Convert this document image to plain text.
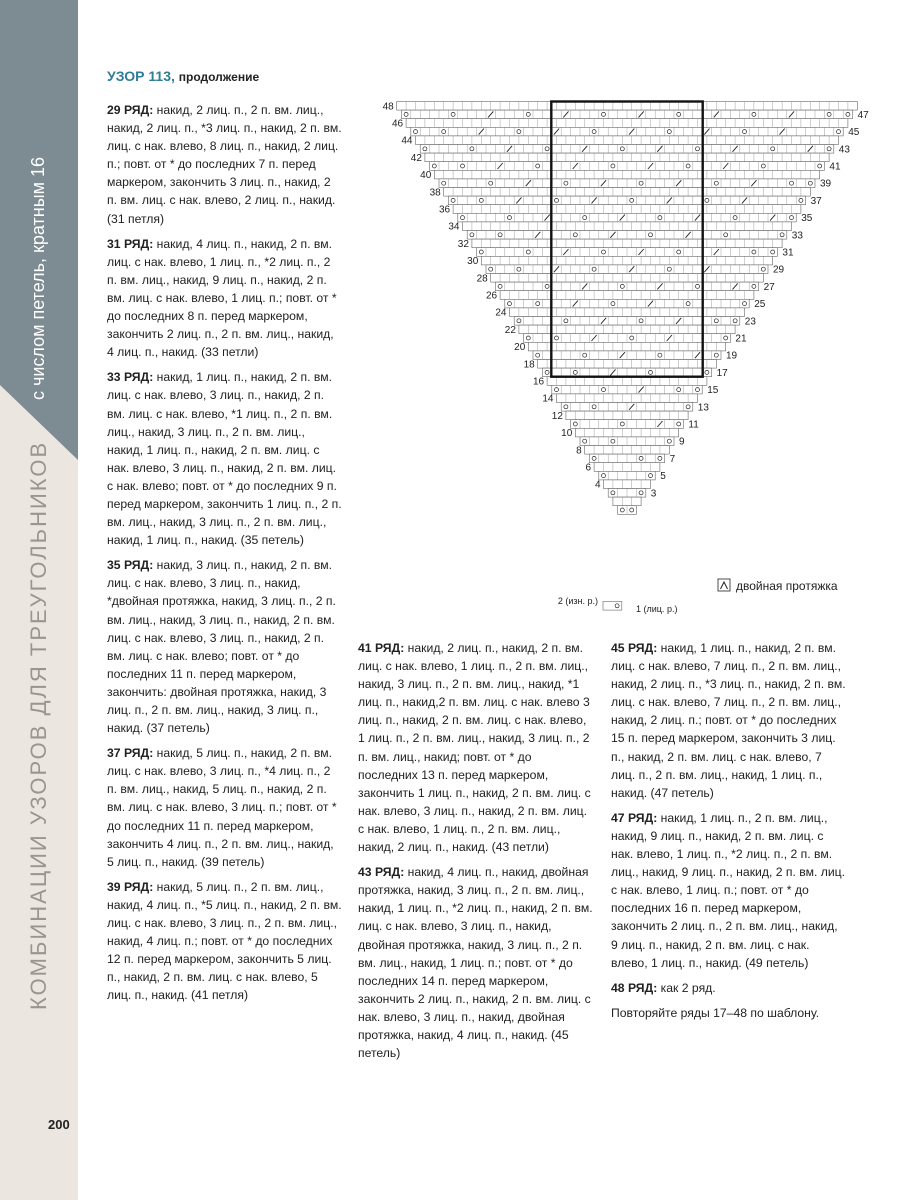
с числом петель, кратным 16
КОМБИНАЦИИ УЗОРОВ ДЛЯ ТРЕУГОЛЬНИКОВ
200
УЗОР 113, продолжение
48
46
44
42
40
38
36
34
32
30
28
26
24
22
20
18
16
14
12
10
8
6
4
47
45
43
41
39
37
35
33
31
29
27
25
23
21
19
17
15
13
11
9
7
5
3
2 (изн. р.)
1 (лиц. р.)
двойная протяжка

29 РЯД: накид, 2 лиц. п., 2 п. вм. лиц., накид, 2 лиц. п., *3 лиц. п., накид, 2 п. вм. лиц. с нак. влево, 8 лиц. п., накид, 2 лиц. п.; повт. от * до последних 7 п. перед маркером, закончить 3 лиц. п., накид, 2 п. вм. лиц. с нак. влево, 2 лиц. п., накид. (31 петля)

31 РЯД: накид, 4 лиц. п., накид, 2 п. вм. лиц. с нак. влево, 1 лиц. п., *2 лиц. п., 2 п. вм. лиц., накид, 9 лиц. п., накид, 2 п. вм. лиц. с нак. влево, 1 лиц. п.; повт. от * до последних 8 п. перед маркером, закончить 2 лиц. п., 2 п. вм. лиц., накид, 4 лиц. п., накид. (33 петли)

33 РЯД: накид, 1 лиц. п., накид, 2 п. вм. лиц. с нак. влево, 3 лиц. п., накид, 2 п. вм. лиц. с нак. влево, *1 лиц. п., 2 п. вм. лиц., накид, 3 лиц. п., 2 п. вм. лиц., накид, 1 лиц. п., накид, 2 п. вм. лиц. с нак. влево, 3 лиц. п., накид, 2 п. вм. лиц. с нак. влево; повт. от * до последних 9 п. перед маркером, закончить 1 лиц. п., 2 п. вм. лиц., накид, 3 лиц. п., 2 п. вм. лиц., накид, 1 лиц. п., накид. (35 петель)

35 РЯД: накид, 3 лиц. п., накид, 2 п. вм. лиц. с нак. влево, 3 лиц. п., накид, *двойная протяжка, накид, 3 лиц. п., 2 п. вм. лиц., накид, 3 лиц. п., накид, 2 п. вм. лиц. с нак. влево, 3 лиц. п., накид, 2 п. вм. лиц. с нак. влево; повт. от * до последних 11 п. перед маркером, закончить: двойная протяжка, накид, 3 лиц. п., 2 п. вм. лиц., накид, 3 лиц. п., накид. (37 петель)

37 РЯД: накид, 5 лиц. п., накид, 2 п. вм. лиц. с нак. влево, 3 лиц. п., *4 лиц. п., 2 п. вм. лиц., накид, 5 лиц. п., накид, 2 п. вм. лиц. с нак. влево, 3 лиц. п.; повт. от * до последних 11 п. перед маркером, закончить 4 лиц. п., 2 п. вм. лиц., накид, 5 лиц. п., накид. (39 петель)

39 РЯД: накид, 5 лиц. п., 2 п. вм. лиц., накид, 4 лиц. п., *5 лиц. п., накид, 2 п. вм. лиц. с нак. влево, 3 лиц. п., 2 п. вм. лиц., накид, 4 лиц. п.; повт. от * до последних 12 п. перед маркером, закончить 5 лиц. п., накид, 2 п. вм. лиц. с нак. влево, 5 лиц. п., накид. (41 петля)

41 РЯД: накид, 2 лиц. п., накид, 2 п. вм. лиц. с нак. влево, 1 лиц. п., 2 п. вм. лиц., накид, 3 лиц. п., 2 п. вм. лиц., накид, *1 лиц. п., накид,2 п. вм. лиц. с нак. влево 3 лиц. п., накид, 2 п. вм. лиц. с нак. влево, 1 лиц. п., 2 п. вм. лиц., накид, 3 лиц. п., 2 п. вм. лиц., накид; повт. от * до последних 13 п. перед маркером, закончить 1 лиц. п., накид, 2 п. вм. лиц. с нак. влево, 3 лиц. п., накид, 2 п. вм. лиц. с нак. влево, 1 лиц. п., 2 п. вм. лиц., накид, 2 лиц. п., накид. (43 петли)

43 РЯД: накид, 4 лиц. п., накид, двойная протяжка, накид, 3 лиц. п., 2 п. вм. лиц., накид, 1 лиц. п., *2 лиц. п., накид, 2 п. вм. лиц. с нак. влево, 3 лиц. п., накид, двойная протяжка, накид, 3 лиц. п., 2 п. вм. лиц., накид, 1 лиц. п.; повт. от * до последних 14 п. перед маркером, закончить 2 лиц. п., накид, 2 п. вм. лиц. с нак. влево, 3 лиц. п., накид, двойная протяжка, накид, 4 лиц. п., накид. (45 петель)

45 РЯД: накид, 1 лиц. п., накид, 2 п. вм. лиц. с нак. влево, 7 лиц. п., 2 п. вм. лиц., накид, 2 лиц. п., *3 лиц. п., накид, 2 п. вм. лиц. с нак. влево, 7 лиц. п., 2 п. вм. лиц., накид, 2 лиц. п.; повт. от * до последних 15 п. перед маркером, закончить 3 лиц. п., накид, 2 п. вм. лиц. с нак. влево, 7 лиц. п., 2 п. вм. лиц., накид, 1 лиц. п., накид. (47 петель)

47 РЯД: накид, 1 лиц. п., 2 п. вм. лиц., накид, 9 лиц. п., накид, 2 п. вм. лиц. с нак. влево, 1 лиц. п., *2 лиц. п., 2 п. вм. лиц., накид, 9 лиц. п., накид, 2 п. вм. лиц. с нак. влево, 1 лиц. п.; повт. от * до последних 16 п. перед маркером, закончить 2 лиц. п., 2 п. вм. лиц., накид, 9 лиц. п., накид, 2 п. вм. лиц. с нак. влево, 1 лиц. п., накид. (49 петель)

48 РЯД: как 2 ряд.

Повторяйте ряды 17–48 по шаблону.
